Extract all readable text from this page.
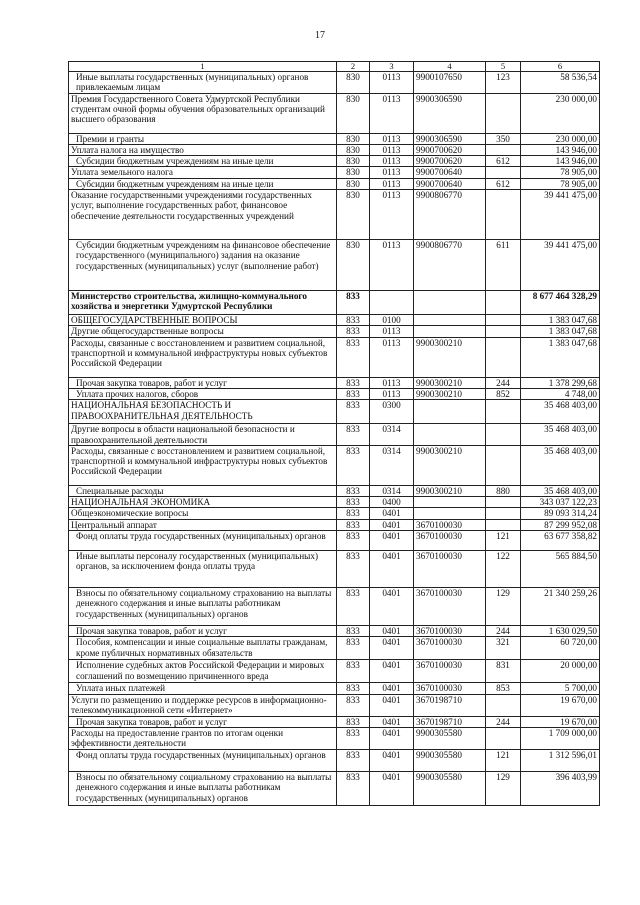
17
1	2	3	4	5	6
Иные выплаты государственных (муниципальных) органов привлекаемым лицам	830	0113	9900107650	123	58 536,54
Премия Государственного Совета Удмуртской Республики студентам очной формы обучения образовательных организаций высшего образования	830	0113	9900306590		230 000,00
Премии и гранты	830	0113	9900306590	350	230 000,00
Уплата налога на имущество	830	0113	9900700620		143 946,00
Субсидии бюджетным учреждениям на иные цели	830	0113	9900700620	612	143 946,00
Уплата земельного налога	830	0113	9900700640		78 905,00
Субсидии бюджетным учреждениям на иные цели	830	0113	9900700640	612	78 905,00
Оказание государственными учреждениями государственных услуг, выполнение государственных работ, финансовое обеспечение деятельности государственных учреждений	830	0113	9900806770		39 441 475,00
Субсидии бюджетным учреждениям на финансовое обеспечение государственного (муниципального) задания на оказание государственных (муниципальных) услуг (выполнение работ)	830	0113	9900806770	611	39 441 475,00
Министерство строительства, жилищно-коммунального хозяйства и энергетики Удмуртской Республики	833				8 677 464 328,29
ОБЩЕГОСУДАРСТВЕННЫЕ ВОПРОСЫ	833	0100			1 383 047,68
Другие общегосударственные вопросы	833	0113			1 383 047,68
Расходы, связанные с восстановлением и развитием социальной, транспортной и коммунальной инфраструктуры новых субъектов Российской Федерации	833	0113	9900300210		1 383 047,68
Прочая закупка товаров, работ и услуг	833	0113	9900300210	244	1 378 299,68
Уплата прочих налогов, сборов	833	0113	9900300210	852	4 748,00
НАЦИОНАЛЬНАЯ БЕЗОПАСНОСТЬ И ПРАВООХРАНИТЕЛЬНАЯ ДЕЯТЕЛЬНОСТЬ	833	0300			35 468 403,00
Другие вопросы в области национальной безопасности и правоохранительной деятельности	833	0314			35 468 403,00
Расходы, связанные с восстановлением и развитием социальной, транспортной и коммунальной инфраструктуры новых субъектов Российской Федерации	833	0314	9900300210		35 468 403,00
Специальные расходы	833	0314	9900300210	880	35 468 403,00
НАЦИОНАЛЬНАЯ ЭКОНОМИКА	833	0400			343 037 122,23
Общеэкономические вопросы	833	0401			89 093 314,24
Центральный аппарат	833	0401	3670100030		87 299 952,08
Фонд оплаты труда государственных (муниципальных) органов	833	0401	3670100030	121	63 677 358,82
Иные выплаты персоналу государственных (муниципальных) органов, за исключением фонда оплаты труда	833	0401	3670100030	122	565 884,50
Взносы по обязательному социальному страхованию на выплаты денежного содержания и иные выплаты работникам государственных (муниципальных) органов	833	0401	3670100030	129	21 340 259,26
Прочая закупка товаров, работ и услуг	833	0401	3670100030	244	1 630 029,50
Пособия, компенсации и иные социальные выплаты гражданам, кроме публичных нормативных обязательств	833	0401	3670100030	321	60 720,00
Исполнение судебных актов Российской Федерации и мировых соглашений по возмещению причиненного вреда	833	0401	3670100030	831	20 000,00
Уплата иных платежей	833	0401	3670100030	853	5 700,00
Услуги по размещению и поддержке ресурсов в информационно-телекоммуникационной сети «Интернет»	833	0401	3670198710		19 670,00
Прочая закупка товаров, работ и услуг	833	0401	3670198710	244	19 670,00
Расходы на предоставление грантов по итогам оценки эффективности деятельности	833	0401	9900305580		1 709 000,00
Фонд оплаты труда государственных (муниципальных) органов	833	0401	9900305580	121	1 312 596,01
Взносы по обязательному социальному страхованию на выплаты денежного содержания и иные выплаты работникам государственных (муниципальных) органов	833	0401	9900305580	129	396 403,99
